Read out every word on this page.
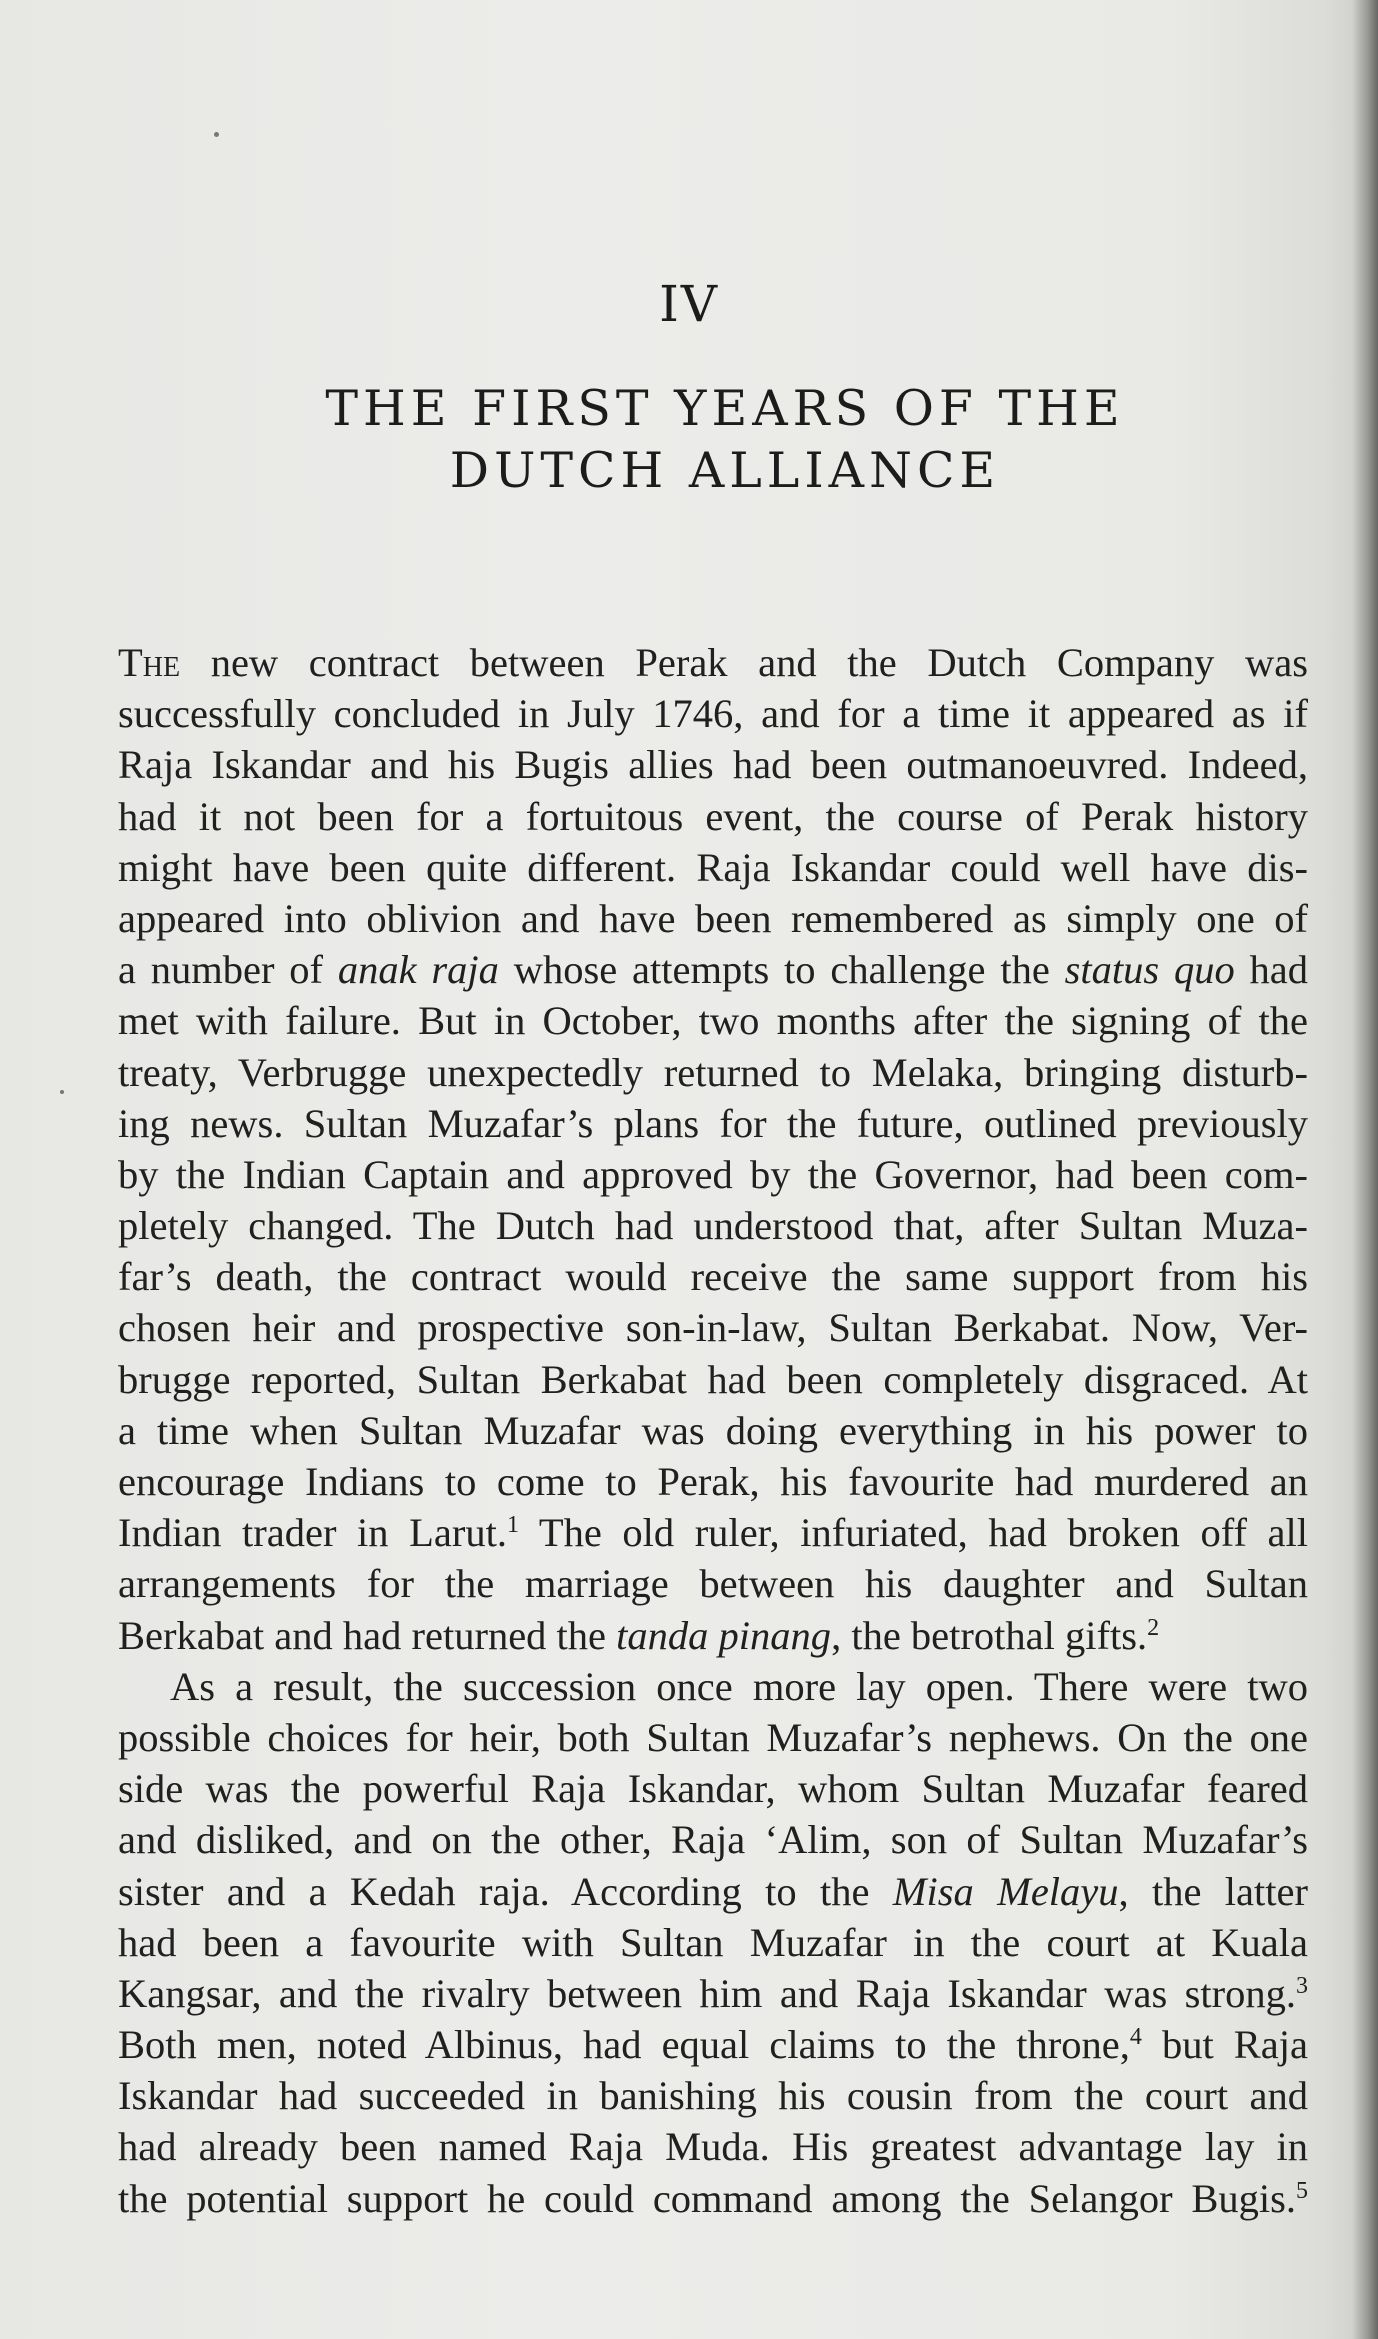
IV
THE FIRST YEARS OF THE
DUTCH ALLIANCE
The new contract between Perak and the Dutch Company was
successfully concluded in July 1746, and for a time it appeared as if
Raja Iskandar and his Bugis allies had been outmanoeuvred. Indeed,
had it not been for a fortuitous event, the course of Perak history
might have been quite different. Raja Iskandar could well have dis-
appeared into oblivion and have been remembered as simply one of
a number of anak raja whose attempts to challenge the status quo had
met with failure. But in October, two months after the signing of the
treaty, Verbrugge unexpectedly returned to Melaka, bringing disturb-
ing news. Sultan Muzafar’s plans for the future, outlined previously
by the Indian Captain and approved by the Governor, had been com-
pletely changed. The Dutch had understood that, after Sultan Muza-
far’s death, the contract would receive the same support from his
chosen heir and prospective son-in-law, Sultan Berkabat. Now, Ver-
brugge reported, Sultan Berkabat had been completely disgraced. At
a time when Sultan Muzafar was doing everything in his power to
encourage Indians to come to Perak, his favourite had murdered an
Indian trader in Larut.$^1$ The old ruler, infuriated, had broken off all
arrangements for the marriage between his daughter and Sultan
Berkabat and had returned the tanda pinang, the betrothal gifts.$^2$
As a result, the succession once more lay open. There were two
possible choices for heir, both Sultan Muzafar’s nephews. On the one
side was the powerful Raja Iskandar, whom Sultan Muzafar feared
and disliked, and on the other, Raja ‘Alim, son of Sultan Muzafar’s
sister and a Kedah raja. According to the Misa Melayu, the latter
had been a favourite with Sultan Muzafar in the court at Kuala
Kangsar, and the rivalry between him and Raja Iskandar was strong.$^3$
Both men, noted Albinus, had equal claims to the throne,$^4$ but Raja
Iskandar had succeeded in banishing his cousin from the court and
had already been named Raja Muda. His greatest advantage lay in
the potential support he could command among the Selangor Bugis.$^5$
